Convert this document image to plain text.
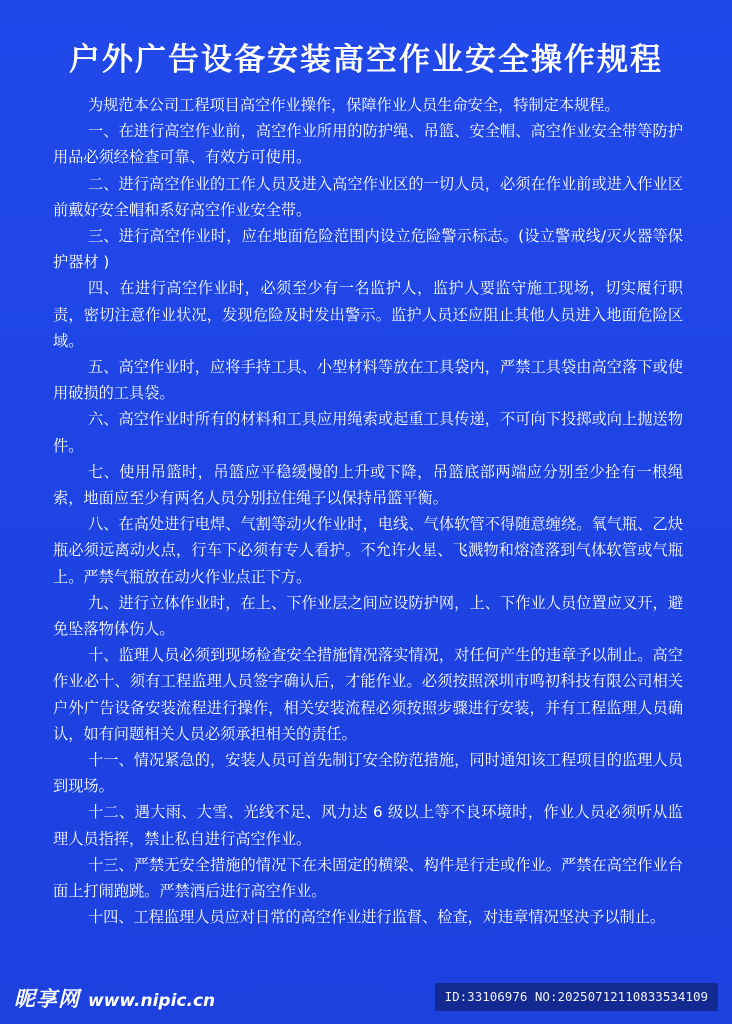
户外广告设备安装高空作业安全操作规程

为规范本公司工程项目高空作业操作，保障作业人员生命安全，特制定本规程。

一、在进行高空作业前，高空作业所用的防护绳、吊篮、安全帽、高空作业安全带等防护用品必须经检查可靠、有效方可使用。

二、进行高空作业的工作人员及进入高空作业区的一切人员，必须在作业前或进入作业区前戴好安全帽和系好高空作业安全带。

三、进行高空作业时，应在地面危险范围内设立危险警示标志。(设立警戒线/灭火器等保护器材 )

四、在进行高空作业时，必须至少有一名监护人，监护人要监守施工现场，切实履行职责，密切注意作业状况，发现危险及时发出警示。监护人员还应阻止其他人员进入地面危险区域。

五、高空作业时，应将手持工具、小型材料等放在工具袋内，严禁工具袋由高空落下或使用破损的工具袋。

六、高空作业时所有的材料和工具应用绳索或起重工具传递，不可向下投掷或向上抛送物件。

七、使用吊篮时，吊篮应平稳缓慢的上升或下降，吊篮底部两端应分别至少拴有一根绳索，地面应至少有两名人员分别拉住绳子以保持吊篮平衡。

八、在高处进行电焊、气割等动火作业时，电线、气体软管不得随意缠绕。氧气瓶、乙炔瓶必须远离动火点，行车下必须有专人看护。不允许火星、飞溅物和熔渣落到气体软管或气瓶上。严禁气瓶放在动火作业点正下方。

九、进行立体作业时，在上、下作业层之间应设防护网，上、下作业人员位置应叉开，避免坠落物体伤人。

十、监理人员必须到现场检查安全措施情况落实情况，对任何产生的违章予以制止。高空作业必十、须有工程监理人员签字确认后，才能作业。必须按照深圳市鸣初科技有限公司相关户外广告设备安装流程进行操作，相关安装流程必须按照步骤进行安装，并有工程监理人员确认，如有问题相关人员必须承担相关的责任。

十一、情况紧急的，安装人员可首先制订安全防范措施，同时通知该工程项目的监理人员到现场。

十二、遇大雨、大雪、光线不足、风力达 6 级以上等不良环境时，作业人员必须听从监理人员指挥，禁止私自进行高空作业。

十三、严禁无安全措施的情况下在未固定的横梁、构件是行走或作业。严禁在高空作业台面上打闹跑跳。严禁酒后进行高空作业。

十四、工程监理人员应对日常的高空作业进行监督、检查，对违章情况坚决予以制止。

昵享网 www.nipic.cn	ID:33106976 NO:20250712110833534109
